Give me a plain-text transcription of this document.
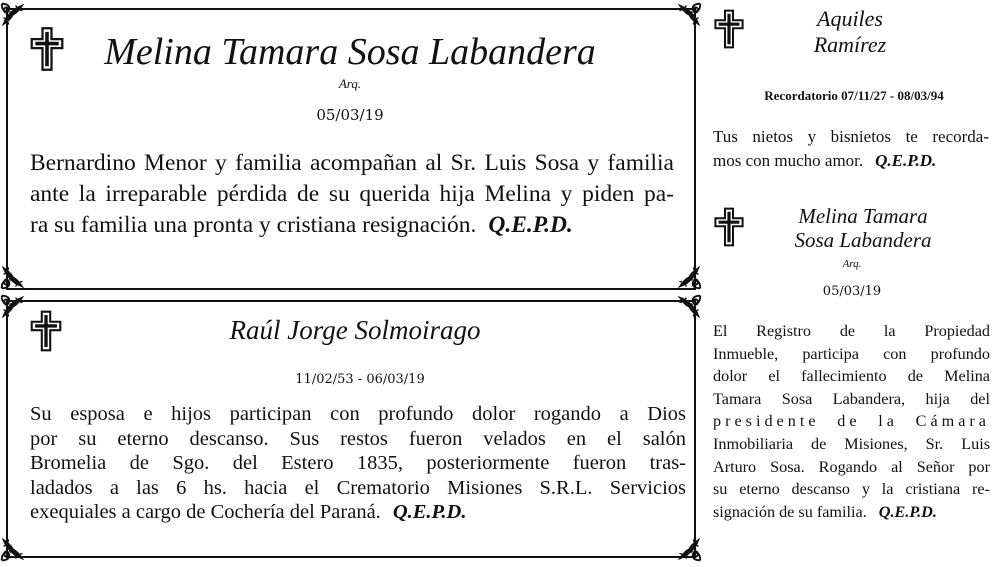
Melina Tamara Sosa Labandera
Arq.
05/03/19
Bernardino Menor y familia acompañan al Sr. Luis Sosa y familia
ante la irreparable pérdida de su querida hija Melina y piden pa-
ra su familia una pronta y cristiana resignación. Q.E.P.D.
Raúl Jorge Solmoirago
11/02/53 - 06/03/19
Su esposa e hijos participan con profundo dolor rogando a Dios
por su eterno descanso. Sus restos fueron velados en el salón
Bromelia de Sgo. del Estero 1835, posteriormente fueron tras-
ladados a las 6 hs. hacia el Crematorio Misiones S.R.L. Servicios
exequiales a cargo de Cochería del Paraná. Q.E.P.D.
Aquiles
Ramírez
Recordatorio 07/11/27 - 08/03/94
Tus nietos y bisnietos te recorda-
mos con mucho amor. Q.E.P.D.
Melina Tamara
Sosa Labandera
Arq.
05/03/19
El Registro de la Propiedad
Inmueble, participa con profundo
dolor el fallecimiento de Melina
Tamara Sosa Labandera, hija del
presidente de la Cámara
Inmobiliaria de Misiones, Sr. Luis
Arturo Sosa. Rogando al Señor por
su eterno descanso y la cristiana re-
signación de su familia. Q.E.P.D.
